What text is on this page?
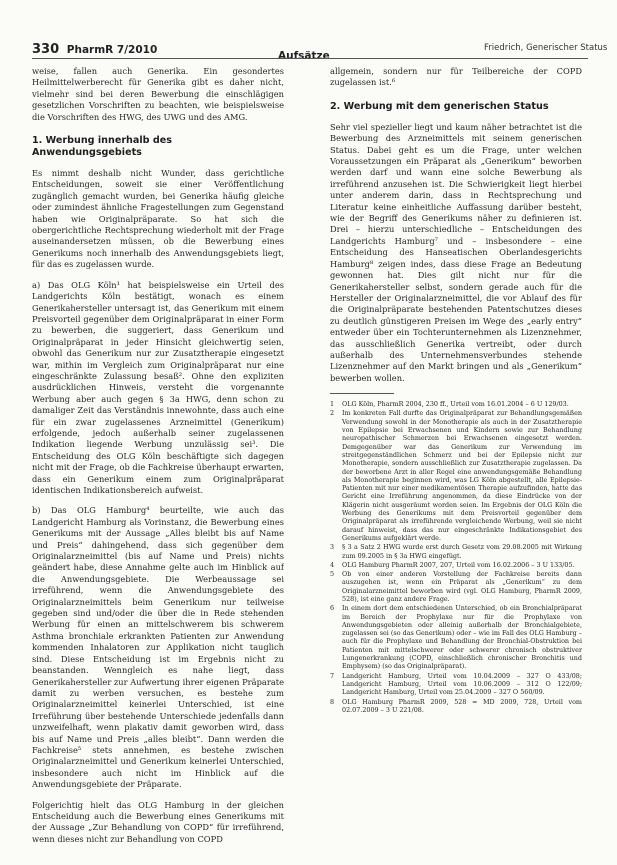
330 PharmR 7/2010	Aufsätze
Friedrich, Generischer Status

weise, fallen auch Generika. Ein gesondertes Heilmittelwerberecht für Generika gibt es daher nicht, vielmehr sind bei deren Bewerbung die einschlägigen gesetzlichen Vorschriften zu beachten, wie beispielsweise die Vorschriften des HWG, des UWG und des AMG.

1. Werbung innerhalb des Anwendungsgebiets

Es nimmt deshalb nicht Wunder, dass gerichtliche Entscheidungen, soweit sie einer Veröffentlichung zugänglich gemacht wurden, bei Generika häufig gleiche oder zumindest ähnliche Fragestellungen zum Gegenstand haben wie Originalpräparate. So hat sich die obergerichtliche Rechtsprechung wiederholt mit der Frage auseinandersetzen müssen, ob die Bewerbung eines Generikums noch innerhalb des Anwendungsgebiets liegt, für das es zugelassen wurde.

a) Das OLG Köln¹ hat beispielsweise ein Urteil des Landgerichts Köln bestätigt, wonach es einem Generikahersteller untersagt ist, das Generikum mit einem Preisvorteil gegenüber dem Originalpräparat in einer Form zu bewerben, die suggeriert, dass Generikum und Originalpräparat in jeder Hinsicht gleichwertig seien, obwohl das Generikum nur zur Zusatztherapie eingesetzt war, mithin im Vergleich zum Originalpräparat nur eine eingeschränkte Zulassung besaß². Ohne den expliziten ausdrücklichen Hinweis, versteht die vorgenannte Werbung aber auch gegen § 3a HWG, denn schon zu damaliger Zeit das Verständnis innewohnte, dass auch eine für ein zwar zugelassenes Arzneimittel (Generikum) erfolgende, jedoch außerhalb seiner zugelassenen Indikation liegende Werbung unzulässig sei³. Die Entscheidung des OLG Köln beschäftigte sich dagegen nicht mit der Frage, ob die Fachkreise überhaupt erwarten, dass ein Generikum einem zum Originalpräparat identischen Indikationsbereich aufweist.

b) Das OLG Hamburg⁴ beurteilte, wie auch das Landgericht Hamburg als Vorinstanz, die Bewerbung eines Generikums mit der Aussage „Alles bleibt bis auf Name und Preis“ dahingehend, dass sich gegenüber dem Originalarzneimittel (bis auf Name und Preis) nichts geändert habe, diese Annahme gelte auch im Hinblick auf die Anwendungsgebiete. Die Werbeaussage sei irreführend, wenn die Anwendungsgebiete des Originalarzneimittels beim Generikum nur teilweise gegeben sind und/oder die über die in Rede stehenden Werbung für einen an mittelschwerem bis schwerem Asthma bronchiale erkrankten Patienten zur Anwendung kommenden Inhalatoren zur Applikation nicht tauglich sind. Diese Entscheidung ist im Ergebnis nicht zu beanstanden. Wenngleich es nahe liegt, dass Generikahersteller zur Aufwertung ihrer eigenen Präparate damit zu werben versuchen, es bestehe zum Originalarzneimittel keinerlei Unterschied, ist eine Irreführung über bestehende Unterschiede jedenfalls dann unzweifelhaft, wenn plakativ damit geworben wird, dass bis auf Name und Preis „alles bleibt“. Dann werden die Fachkreise⁵ stets annehmen, es bestehe zwischen Originalarzneimittel und Generikum keinerlei Unterschied, insbesondere auch nicht im Hinblick auf die Anwendungsgebiete der Präparate.

Folgerichtig hielt das OLG Hamburg in der gleichen Entscheidung auch die Bewerbung eines Generikums mit der Aussage „Zur Behandlung von COPD“ für irreführend, wenn dieses nicht zur Behandlung von COPD

allgemein, sondern nur für Teilbereiche der COPD zugelassen ist.⁶

2. Werbung mit dem generischen Status

Sehr viel spezieller liegt und kaum näher betrachtet ist die Bewerbung des Arzneimittels mit seinem generischen Status. Dabei geht es um die Frage, unter welchen Voraussetzungen ein Präparat als „Generikum“ beworben werden darf und wann eine solche Bewerbung als irreführend anzusehen ist. Die Schwierigkeit liegt hierbei unter anderem darin, dass in Rechtsprechung und Literatur keine einheitliche Auffassung darüber besteht, wie der Begriff des Generikums näher zu definieren ist. Drei – hierzu unterschiedliche – Entscheidungen des Landgerichts Hamburg⁷ und – insbesondere – eine Entscheidung des Hanseatischen Oberlandesgerichts Hamburg⁸ zeigen indes, dass diese Frage an Bedeutung gewonnen hat. Dies gilt nicht nur für die Generikahersteller selbst, sondern gerade auch für die Hersteller der Originalarzneimittel, die vor Ablauf des für die Originalpräparate bestehenden Patentschutzes dieses zu deutlich günstigeren Preisen im Wege des „early entry“ entweder über ein Tochterunternehmen als Lizenznehmer, das ausschließlich Generika vertreibt, oder durch außerhalb des Unternehmensverbundes stehende Lizenznehmer auf den Markt bringen und als „Generikum“ bewerben wollen.

1	OLG Köln, PharmR 2004, 230 ff., Urteil vom 16.01.2004 – 6 U 129/03.
2	Im konkreten Fall durfte das Originalpräparat zur Behandlungsgemäßen Verwendung sowohl in der Monotherapie als auch in der Zusatztherapie von Epilepsie bei Erwachsenen und Kindern sowie zur Behandlung neuropathischer Schmerzen bei Erwachsenen eingesetzt werden. Demgegenüber war das Generikum zur Verwendung im streitgegenständlichen Schmerz und bei der Epilepsie nicht zur Monotherapie, sondern ausschließlich zur Zusatztherapie zugelassen. Da der beworbene Arzt in aller Regel eine anwendungsgemäße Behandlung als Monotherapie beginnen wird, was LG Köln abgestellt, alle Epilepsie-Patienten mit nur einer medikamentösen Therapie aufzufinden, hatte das Gericht eine Irreführung angenommen, da diese Eindrücke von der Klägerin nicht ausgeräumt worden seien. Im Ergebnis der OLG Köln die Werbung des Generikums mit dem Preisvorteil gegenüber dem Originalpräparat als irreführende vergleichende Werbung, weil sie nicht darauf hinweist, dass das nur eingeschränkte Indikationsgebiet des Generikums aufgeklärt werde.
3	§ 3 a Satz 2 HWG wurde erst durch Gesetz vom 29.08.2005 mit Wirkung zum 09.2005 in § 3a HWG eingefügt.
4	OLG Hamburg PharmR 2007, 207, Urteil vom 16.02.2006 – 3 U 133/05.
5	Ob von einer anderen Vorstellung der Fachkreise bereits dann auszugehen ist, wenn ein Präparat als „Generikum“ zu dem Originalarzneimittel beworben wird (vgl. OLG Hamburg, PharmR 2009, 528), ist eine ganz andere Frage.
6	In einem dort dem entschiedenen Unterschied, ob ein Bronchialpräparat im Bereich der Prophylaxe nur für die Prophylaxe von Anwendungsgebieten oder alleinig außerhalb der Bronchialgebiete, zugelassen sei (so das Generikum) oder – wie im Fall des OLG Hamburg – auch für die Prophylaxe und Behandlung der Bronchial-Obstruktion bei Patienten mit mittelschwerer oder schwerer chronisch obstruktiver Lungenerkrankung (COPD, einschließlich chronischer Bronchitis und Emphysem) (so das Originalpräparat).
7	Landgericht Hamburg, Urteil vom 10.04.2009 – 327 O 433/08; Landgericht Hamburg, Urteil vom 10.06.2009 – 312 O 122/09; Landgericht Hamburg, Urteil vom 25.04.2009 – 327 O 560/09.
8	OLG Hamburg PharmR 2009, 528 = MD 2009, 728, Urteil vom 02.07.2009 – 3 U 221/08.
